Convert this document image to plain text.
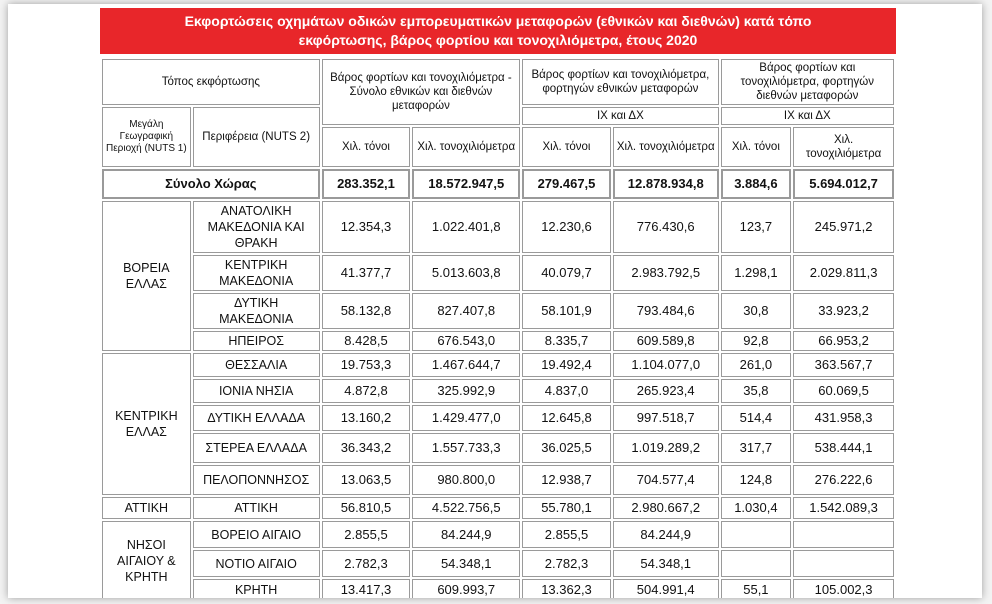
Εκφορτώσεις οχημάτων οδικών εμπορευματικών μεταφορών (εθνικών και διεθνών) κατά τόπο
εκφόρτωσης, βάρος φορτίου και τονοχιλιόμετρα, έτους 2020
Τόπος εκφόρτωσης		Βάρος φορτίων και τονοχιλιόμετρα - Σύνολο εθνικών και διεθνών μεταφορών		Βάρος φορτίων και τονοχιλιόμετρα, φορτηγών εθνικών μεταφορών		Βάρος φορτίων και τονοχιλιόμετρα, φορτηγών διεθνών μεταφορών	
Μεγάλη Γεωγραφική Περιοχή (NUTS 1)	Περιφέρεια (NUTS 2)			ΙΧ και ΔΧ		ΙΧ και ΔΧ	
		Χιλ. τόνοι	Χιλ. τονοχιλιόμετρα	Χιλ. τόνοι	Χιλ. τονοχιλιόμετρα	Χιλ. τόνοι	Χιλ. τονοχιλιόμετρα
Σύνολο Χώρας		283.352,1	18.572.947,5	279.467,5	12.878.934,8	3.884,6	5.694.012,7
ΒΟΡΕΙΑ ΕΛΛΑΣ	ΑΝΑΤΟΛΙΚΗ ΜΑΚΕΔΟΝΙΑ ΚΑΙ ΘΡΑΚΗ	12.354,3	1.022.401,8	12.230,6	776.430,6	123,7	245.971,2
	ΚΕΝΤΡΙΚΗ ΜΑΚΕΔΟΝΙΑ	41.377,7	5.013.603,8	40.079,7	2.983.792,5	1.298,1	2.029.811,3
	ΔΥΤΙΚΗ ΜΑΚΕΔΟΝΙΑ	58.132,8	827.407,8	58.101,9	793.484,6	30,8	33.923,2
	ΗΠΕΙΡΟΣ	8.428,5	676.543,0	8.335,7	609.589,8	92,8	66.953,2
ΚΕΝΤΡΙΚΗ ΕΛΛΑΣ	ΘΕΣΣΑΛΙΑ	19.753,3	1.467.644,7	19.492,4	1.104.077,0	261,0	363.567,7
	ΙΟΝΙΑ ΝΗΣΙΑ	4.872,8	325.992,9	4.837,0	265.923,4	35,8	60.069,5
	ΔΥΤΙΚΗ ΕΛΛΑΔΑ	13.160,2	1.429.477,0	12.645,8	997.518,7	514,4	431.958,3
	ΣΤΕΡΕΑ ΕΛΛΑΔΑ	36.343,2	1.557.733,3	36.025,5	1.019.289,2	317,7	538.444,1
	ΠΕΛΟΠΟΝΝΗΣΟΣ	13.063,5	980.800,0	12.938,7	704.577,4	124,8	276.222,6
ΑΤΤΙΚΗ	ΑΤΤΙΚΗ	56.810,5	4.522.756,5	55.780,1	2.980.667,2	1.030,4	1.542.089,3
ΝΗΣΟΙ ΑΙΓΑΙΟΥ & ΚΡΗΤΗ	ΒΟΡΕΙΟ ΑΙΓΑΙΟ	2.855,5	84.244,9	2.855,5	84.244,9		
	ΝΟΤΙΟ ΑΙΓΑΙΟ	2.782,3	54.348,1	2.782,3	54.348,1		
	ΚΡΗΤΗ	13.417,3	609.993,7	13.362,3	504.991,4	55,1	105.002,3
